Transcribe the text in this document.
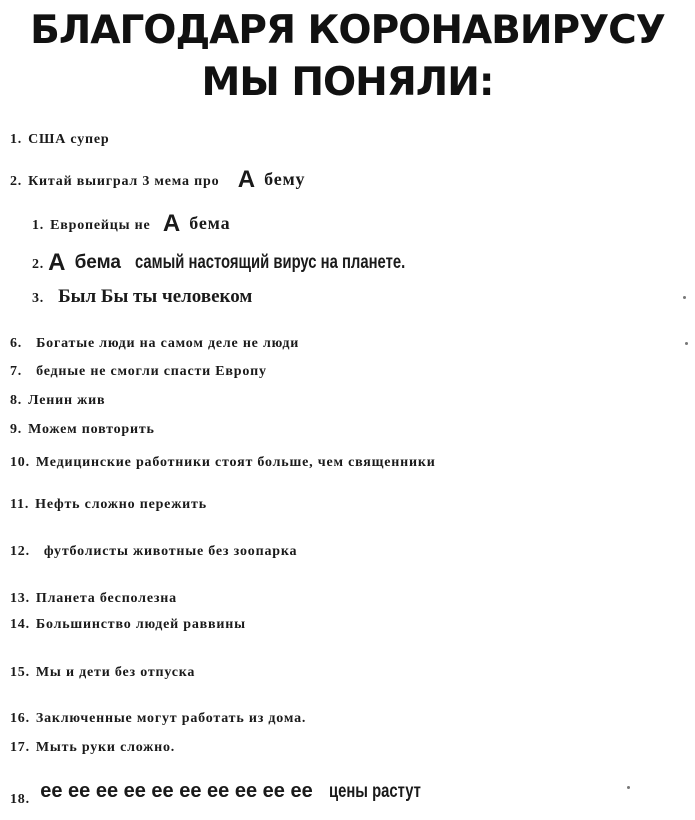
БЛАГОДАРЯ КОРОНАВИРУСУ
МЫ ПОНЯЛИ:
1. США супер
2. Китай выиграл 3 мема про А бему
1. Европейцы не А бема
2. А бема самый настоящий вирус на планете.
3. Был Бы ты человеком
6. Богатые люди на самом деле не люди
7. бедные не смогли спасти Европу
8. Ленин жив
9. Можем повторить
10. Медицинские работники стоят больше, чем священники
11. Нефть сложно пережить
12. футболисты животные без зоопарка
13. Планета бесполезна
14. Большинство людей раввины
15. Мы и дети без отпуска
16. Заключенные могут работать из дома.
17. Мыть руки сложно.
18. ее ее ее ее ее ее ее ее ее ее цены растут
